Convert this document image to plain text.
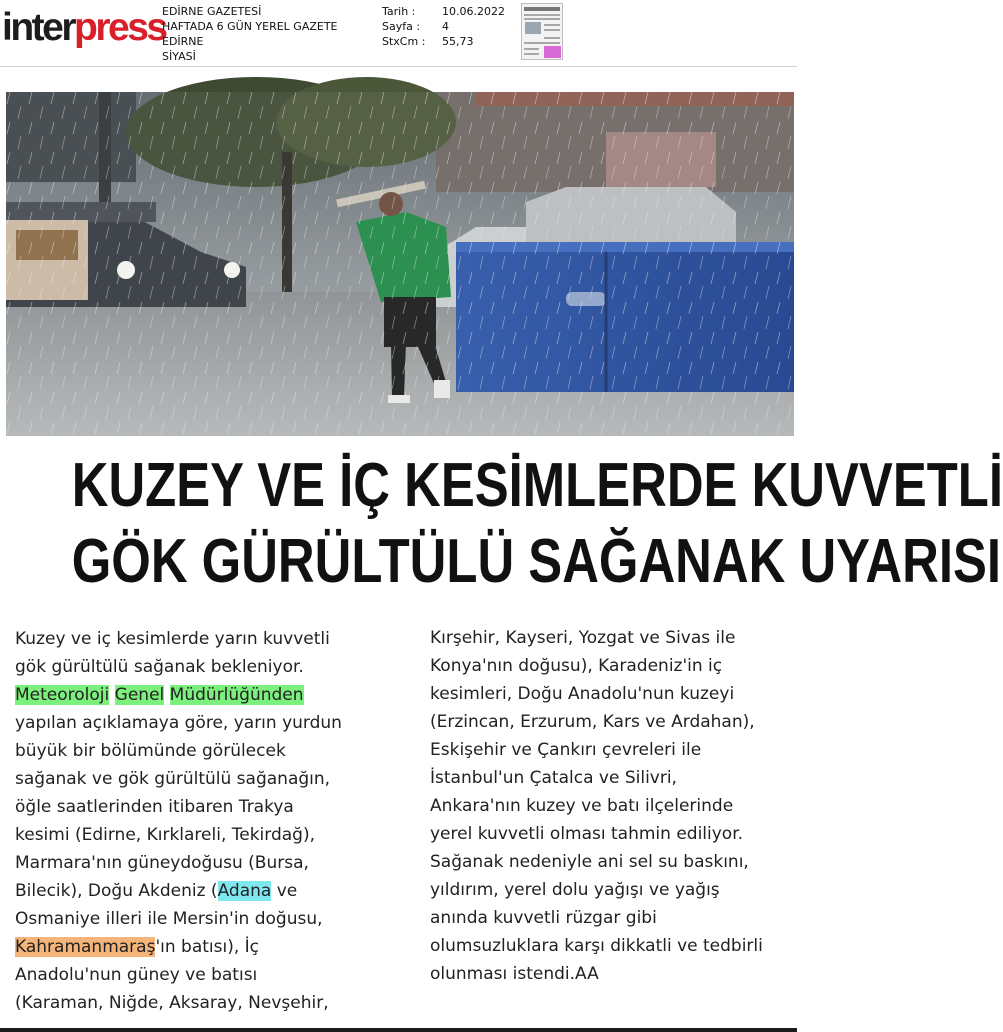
interpress
EDİRNE GAZETESİ
HAFTADA 6 GÜN YEREL GAZETE
EDİRNE
SİYASİ
Tarih :	10.06.2022
Sayfa :	4
StxCm :	55,73
KUZEY VE İÇ KESİMLERDE KUVVETLİ
GÖK GÜRÜLTÜLÜ SAĞANAK UYARISI
Kuzey ve iç kesimlerde yarın kuvvetli
gök gürültülü sağanak bekleniyor.
Meteoroloji Genel Müdürlüğünden
yapılan açıklamaya göre, yarın yurdun
büyük bir bölümünde görülecek
sağanak ve gök gürültülü sağanağın,
öğle saatlerinden itibaren Trakya
kesimi (Edirne, Kırklareli, Tekirdağ),
Marmara'nın güneydoğusu (Bursa,
Bilecik), Doğu Akdeniz (Adana ve
Osmaniye illeri ile Mersin'in doğusu,
Kahramanmaraş'ın batısı), İç
Anadolu'nun güney ve batısı
(Karaman, Niğde, Aksaray, Nevşehir,
Kırşehir, Kayseri, Yozgat ve Sivas ile
Konya'nın doğusu), Karadeniz'in iç
kesimleri, Doğu Anadolu'nun kuzeyi
(Erzincan, Erzurum, Kars ve Ardahan),
Eskişehir ve Çankırı çevreleri ile
İstanbul'un Çatalca ve Silivri,
Ankara'nın kuzey ve batı ilçelerinde
yerel kuvvetli olması tahmin ediliyor.
Sağanak nedeniyle ani sel su baskını,
yıldırım, yerel dolu yağışı ve yağış
anında kuvvetli rüzgar gibi
olumsuzluklara karşı dikkatli ve tedbirli
olunması istendi.AA
